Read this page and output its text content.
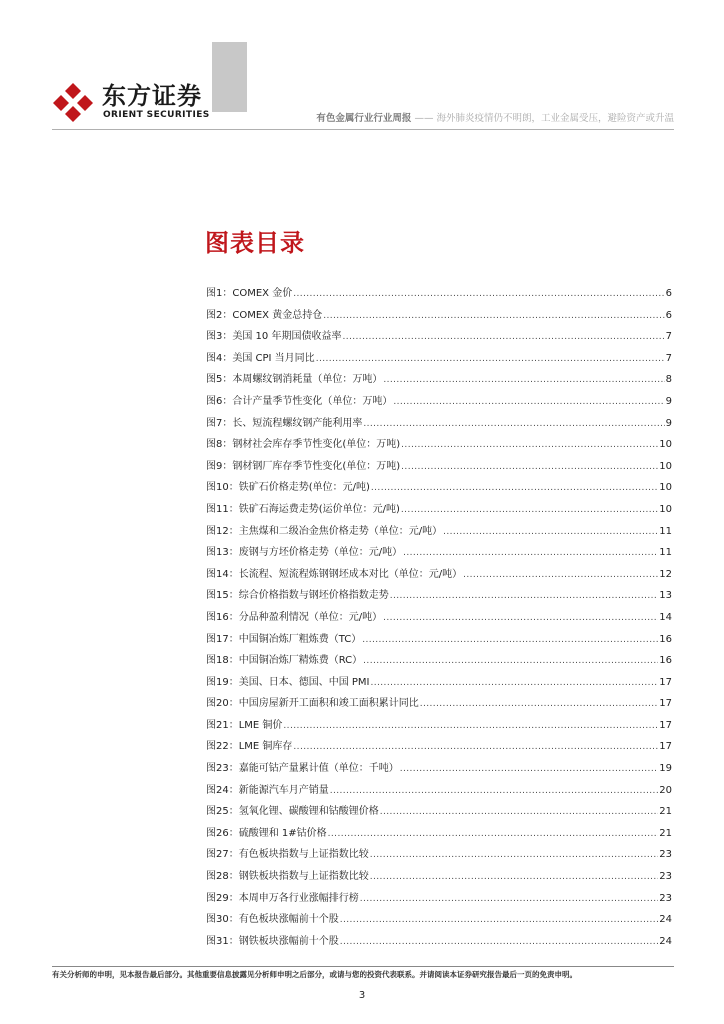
东方证券
ORIENT SECURITIES	有色金属行业行业周报 —— 海外肺炎疫情仍不明朗，工业金属受压，避险资产或升温
图表目录
图1：COMEX 金价 .....	6
图2：COMEX 黄金总持仓 .....	6
图3：美国 10 年期国债收益率 .....	7
图4：美国 CPI 当月同比 .....	7
图5：本周螺纹钢消耗量（单位：万吨） .....	8
图6：合计产量季节性变化（单位：万吨） .....	9
图7：长、短流程螺纹钢产能利用率 .....	9
图8：钢材社会库存季节性变化(单位：万吨) .....	10
图9：钢材钢厂库存季节性变化(单位：万吨) .....	10
图10：铁矿石价格走势(单位：元/吨) .....	10
图11：铁矿石海运费走势(运价单位：元/吨) .....	10
图12：主焦煤和二级冶金焦价格走势（单位：元/吨） .....	11
图13：废钢与方坯价格走势（单位：元/吨） .....	11
图14：长流程、短流程炼钢钢坯成本对比（单位：元/吨） .....	12
图15：综合价格指数与钢坯价格指数走势 .....	13
图16：分品种盈利情况（单位：元/吨） .....	14
图17：中国铜冶炼厂粗炼费（TC） .....	16
图18：中国铜冶炼厂精炼费（RC） .....	16
图19：美国、日本、德国、中国 PMI .....	17
图20：中国房屋新开工面积和竣工面积累计同比 .....	17
图21：LME 铜价 .....	17
图22：LME 铜库存 .....	17
图23：嘉能可钴产量累计值（单位：千吨） .....	19
图24：新能源汽车月产销量 .....	20
图25：氢氧化锂、碳酸锂和钴酸锂价格 .....	21
图26：硫酸锂和 1#钴价格 .....	21
图27：有色板块指数与上证指数比较 .....	23
图28：钢铁板块指数与上证指数比较 .....	23
图29：本周申万各行业涨幅排行榜 .....	23
图30：有色板块涨幅前十个股 .....	24
图31：钢铁板块涨幅前十个股 .....	24
有关分析师的申明，见本报告最后部分。其他重要信息披露见分析师申明之后部分，或请与您的投资代表联系。并请阅读本证券研究报告最后一页的免责申明。
3
